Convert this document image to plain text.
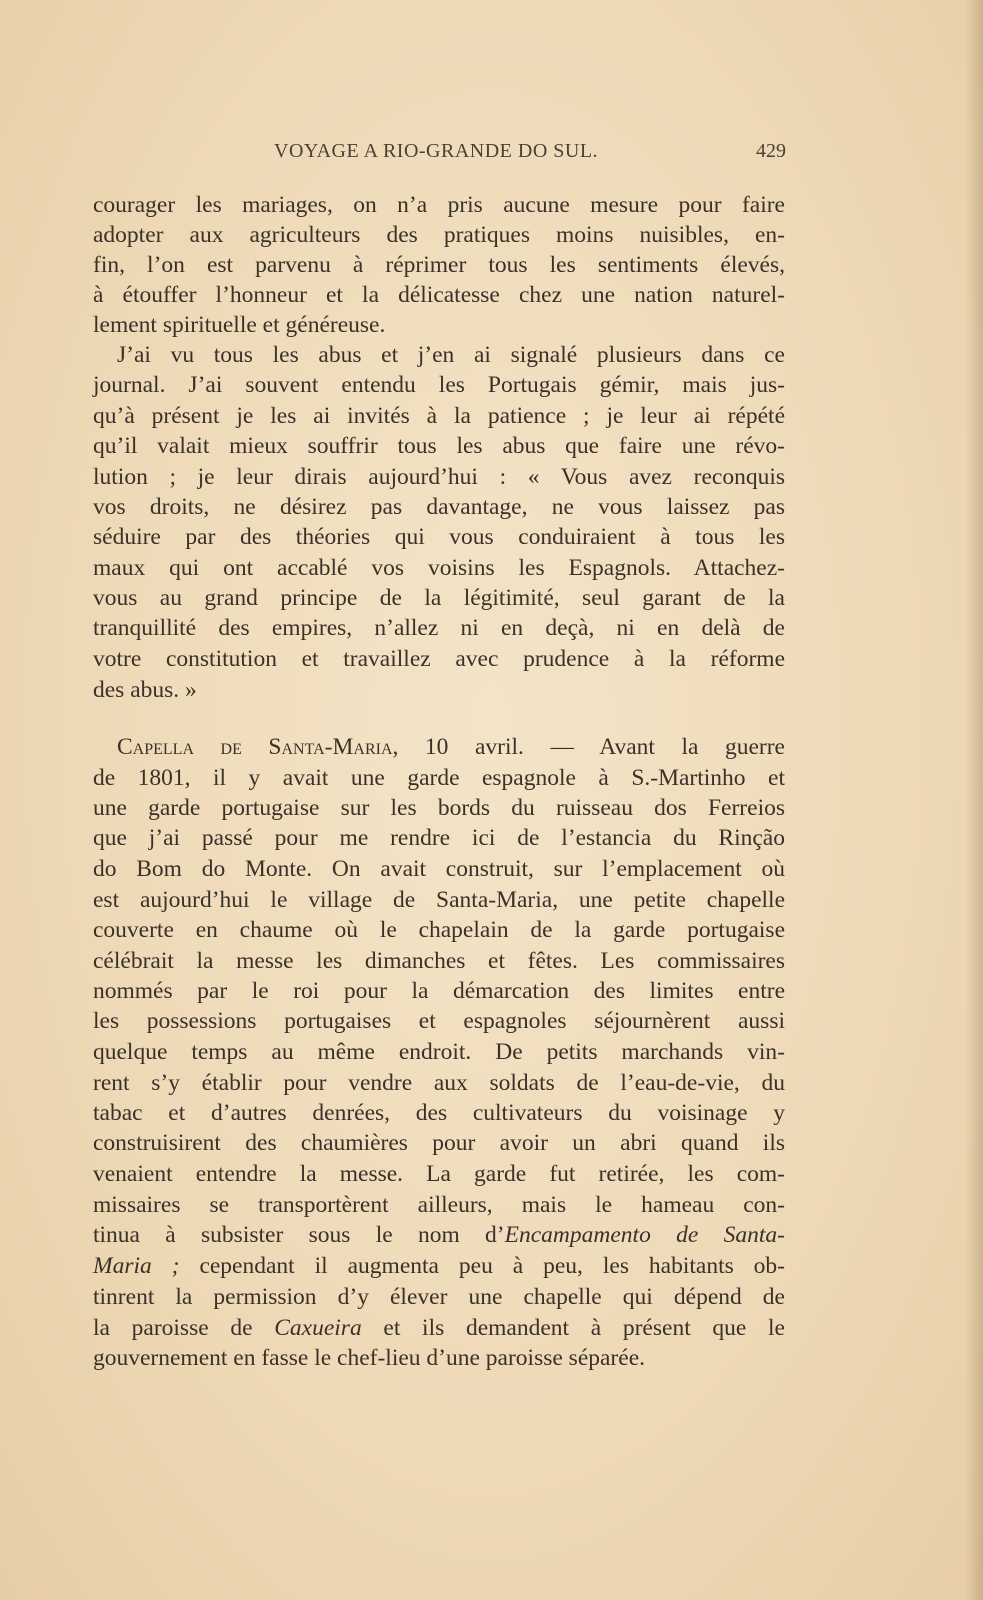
VOYAGE A RIO-GRANDE DO SUL.	429
courager les mariages, on n’a pris aucune mesure pour faire
adopter aux agriculteurs des pratiques moins nuisibles, en-
fin, l’on est parvenu à réprimer tous les sentiments élevés,
à étouffer l’honneur et la délicatesse chez une nation naturel-
lement spirituelle et généreuse.
J’ai vu tous les abus et j’en ai signalé plusieurs dans ce
journal. J’ai souvent entendu les Portugais gémir, mais jus-
qu’à présent je les ai invités à la patience ; je leur ai répété
qu’il valait mieux souffrir tous les abus que faire une révo-
lution ; je leur dirais aujourd’hui : « Vous avez reconquis
vos droits, ne désirez pas davantage, ne vous laissez pas
séduire par des théories qui vous conduiraient à tous les
maux qui ont accablé vos voisins les Espagnols. Attachez-
vous au grand principe de la légitimité, seul garant de la
tranquillité des empires, n’allez ni en deçà, ni en delà de
votre constitution et travaillez avec prudence à la réforme
des abus. »
Capella de Santa-Maria, 10 avril. — Avant la guerre
de 1801, il y avait une garde espagnole à S.-Martinho et
une garde portugaise sur les bords du ruisseau dos Ferreios
que j’ai passé pour me rendre ici de l’estancia du Rinção
do Bom do Monte. On avait construit, sur l’emplacement où
est aujourd’hui le village de Santa-Maria, une petite chapelle
couverte en chaume où le chapelain de la garde portugaise
célébrait la messe les dimanches et fêtes. Les commissaires
nommés par le roi pour la démarcation des limites entre
les possessions portugaises et espagnoles séjournèrent aussi
quelque temps au même endroit. De petits marchands vin-
rent s’y établir pour vendre aux soldats de l’eau-de-vie, du
tabac et d’autres denrées, des cultivateurs du voisinage y
construisirent des chaumières pour avoir un abri quand ils
venaient entendre la messe. La garde fut retirée, les com-
missaires se transportèrent ailleurs, mais le hameau con-
tinua à subsister sous le nom d’Encampamento de Santa-
Maria ; cependant il augmenta peu à peu, les habitants ob-
tinrent la permission d’y élever une chapelle qui dépend de
la paroisse de Caxueira et ils demandent à présent que le
gouvernement en fasse le chef-lieu d’une paroisse séparée.
